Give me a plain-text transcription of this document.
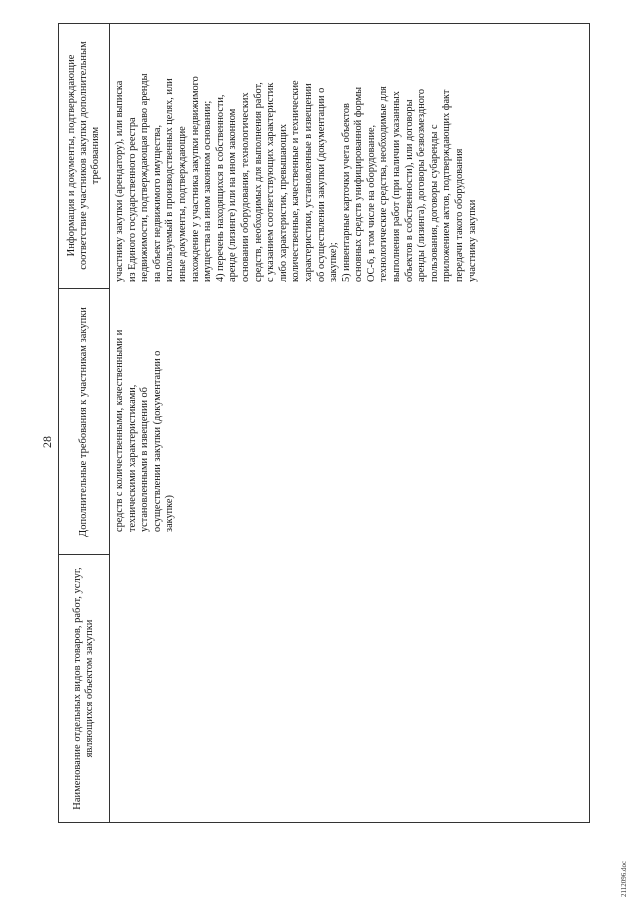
28
Наименование отдельных видов товаров, работ, услуг, являющихся объектом закупки
Дополнительные требования к участникам закупки
Информация и документы, подтверждающие соответствие участников закупки дополнительным требованиям
средств с количественными, качественными и техническими характеристиками, установленными в извещении об осуществлении закупки (документации о закупке)
участнику закупки (арендатору), или выписка из Единого государственного реестра недвижимости, подтверждающая право аренды на объект недвижимого имущества, используемый в производственных целях, или иные документы, подтверждающие нахождение у участника закупки недвижимого имущества на ином законном основании; 4) перечень находящихся в собственности, аренде (лизинге) или на ином законном основании оборудования, технологических средств, необходимых для выполнения работ, с указанием соответствующих характеристик либо характеристик, превышающих количественные, качественные и технические характеристики, установленные в извещении об осуществлении закупки (документации о закупке); 5) инвентарные карточки учета объектов основных средств унифицированной формы ОС-6, в том числе на оборудование, технологические средства, необходимые для выполнения работ (при наличии указанных объектов в собственности), или договоры аренды (лизинга), договоры безвозмездного пользования, договоры субаренды с приложением актов, подтверждающих факт передачи такого оборудования участнику закупки
2112096.doc
